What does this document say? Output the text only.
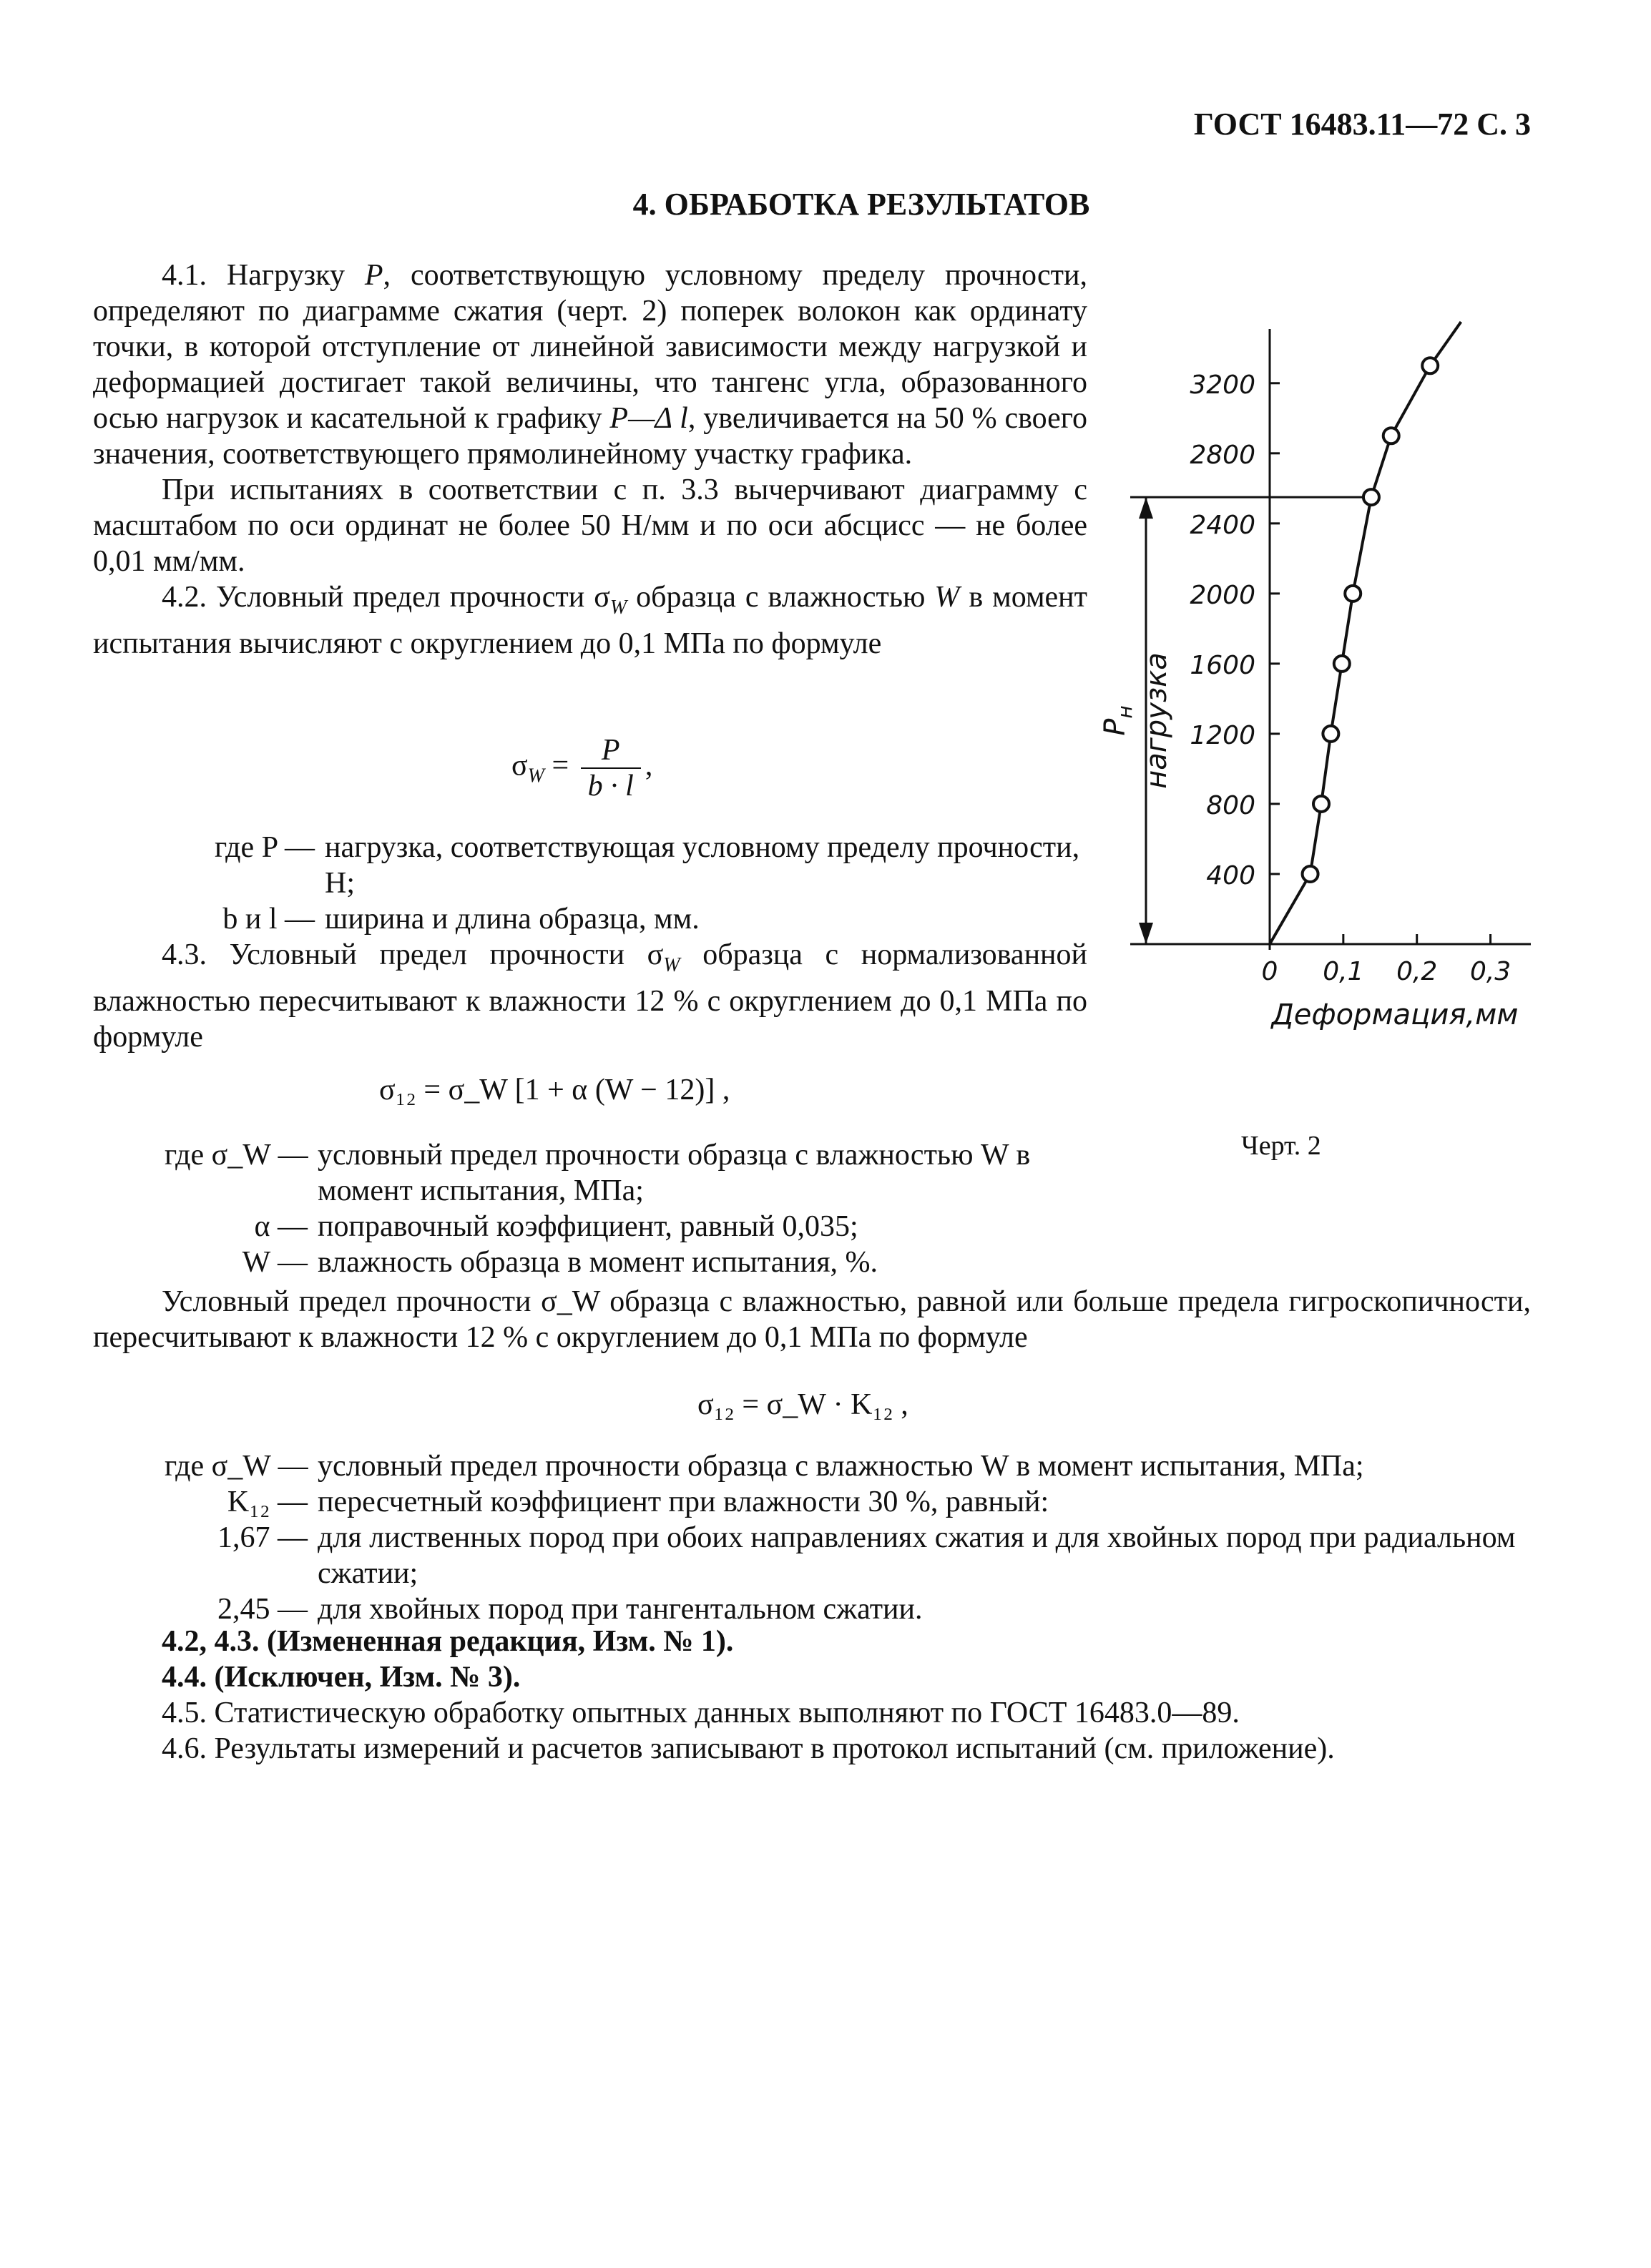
ГОСТ 16483.11—72 С. 3
4. ОБРАБОТКА РЕЗУЛЬТАТОВ

4.1. Нагрузку P, соответствующую условному пределу прочности, определяют по диаграмме сжатия (черт. 2) поперек волокон как ординату точки, в которой отступление от линейной зависимости между нагрузкой и деформацией достигает такой величины, что тангенс угла, образованного осью нагрузок и касательной к графику P—Δ l, увеличивается на 50 % своего значения, соответствующего прямолинейному участку графика.

При испытаниях в соответствии с п. 3.3 вычерчивают диаграмму с масштабом по оси ординат не более 50 Н/мм и по оси абсцисс — не более 0,01 мм/мм.

4.2. Условный предел прочности $\sigma_W$ образца с влажностью W в момент испытания вычисляют с округлением до 0,1 МПа по формуле

$\sigma_W = \frac{P}{b \cdot l}$ ,
где P — нагрузка, соответствующая условному пределу прочности, Н;
b и l — ширина и длина образца, мм.

4.3. Условный предел прочности $\sigma_W$ образца с нормализованной влажностью пересчитывают к влажности 12 % с округлением до 0,1 МПа по формуле

σ₁₂ = σ_W [1 + α (W − 12)] ,
где σ_W — условный предел прочности образца с влажностью W в момент испытания, МПа;
α — поправочный коэффициент, равный 0,035;
W — влажность образца в момент испытания, %.

Условный предел прочности σ_W образца с влажностью, равной или больше предела гигроскопичности, пересчитывают к влажности 12 % с округлением до 0,1 МПа по формуле

σ₁₂ = σ_W · K₁₂ ,
где σ_W — условный предел прочности образца с влажностью W в момент испытания, МПа;
K₁₂ — пересчетный коэффициент при влажности 30 %, равный:
1,67 — для лиственных пород при обоих направлениях сжатия и для хвойных пород при радиальном сжатии;
2,45 — для хвойных пород при тангентальном сжатии.

4.2, 4.3. (Измененная редакция, Изм. № 1).

4.4. (Исключен, Изм. № 3).

4.5. Статистическую обработку опытных данных выполняют по ГОСТ 16483.0—89.

4.6. Результаты измерений и расчетов записывают в протокол испытаний (см. приложение).

400
800
1200
1600
2000
2400
2800
3200
0 0,1 0,2 0,3
Деформация,мм
$P_н$ нагрузка
Черт. 2
